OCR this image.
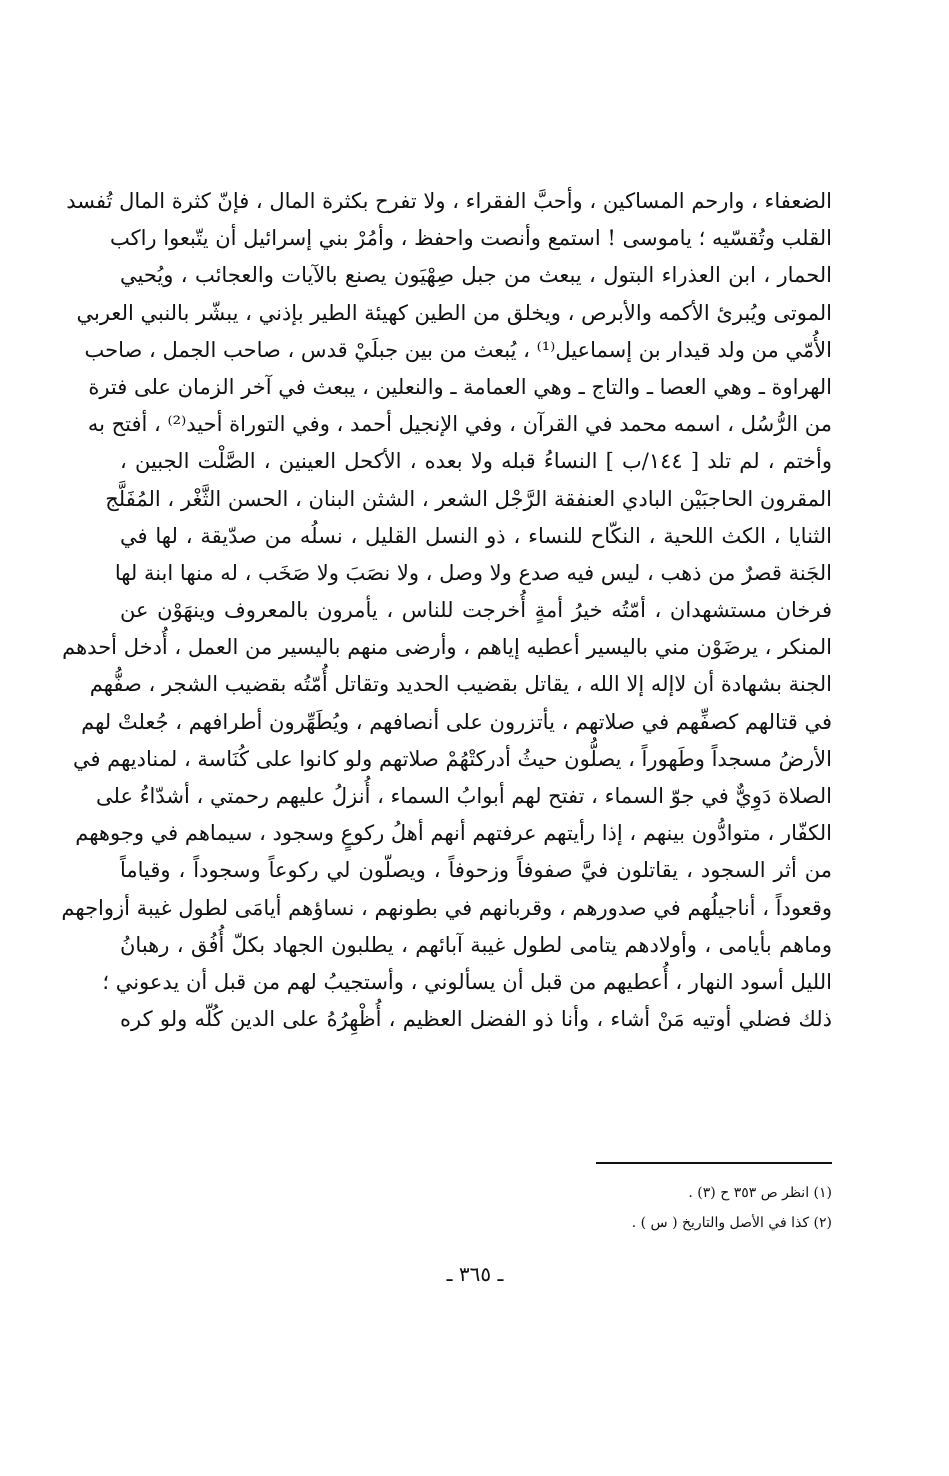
الضعفاء ، وارحم المساكين ، وأحبَّ الفقراء ، ولا تفرح بكثرة المال ، فإنّ كثرة المال تُفسد
القلب وتُقسّيه ؛ ياموسى ! استمع وأنصت واحفظ ، وأمُرْ بني إسرائيل أن يتّبعوا راكب
الحمار ، ابن العذراء البتول ، يبعث من جبل صِهْيَون يصنع بالآيات والعجائب ، ويُحيي
الموتى ويُبرئ الأكمه والأبرص ، ويخلق من الطين كهيئة الطير بإذني ، يبشّر بالنبي العربي
الأُمّي من ولد قيدار بن إسماعيل⁽¹⁾ ، يُبعث من بين جبلَيْ قدس ، صاحب الجمل ، صاحب
الهراوة ـ وهي العصا ـ والتاج ـ وهي العمامة ـ والنعلين ، يبعث في آخر الزمان على فترة
من الرُّسُل ، اسمه محمد في القرآن ، وفي الإنجيل أحمد ، وفي التوراة أحيد⁽²⁾ ، أفتح به
وأختم ، لم تلد [ ١٤٤/ب ] النساءُ قبله ولا بعده ، الأكحل العينين ، الصَّلْت الجبين ،
المقرون الحاجبَيْن البادي العنفقة الرَّجْل الشعر ، الشثن البنان ، الحسن الثَّغْر ، المُفَلَّج
الثنايا ، الكث اللحية ، النكّاح للنساء ، ذو النسل القليل ، نسلُه من صدّيقة ، لها في
الجَنة قصرٌ من ذهب ، ليس فيه صدع ولا وصل ، ولا نصَبَ ولا صَخَب ، له منها ابنة لها
فرخان مستشهدان ، أمّتُه خيرُ أمةٍ أُخرجت للناس ، يأمرون بالمعروف وينهَوْن عن
المنكر ، يرضَوْن مني باليسير أعطيه إياهم ، وأرضى منهم باليسير من العمل ، أُدخل أحدهم
الجنة بشهادة أن لاإله إلا الله ، يقاتل بقضيب الحديد وتقاتل أُمّتُه بقضيب الشجر ، صفُّهم
في قتالهم كصفِّهم في صلاتهم ، يأتزرون على أنصافهم ، ويُطَهِّرون أطرافهم ، جُعلتْ لهم
الأرضُ مسجداً وطَهوراً ، يصلُّون حيثُ أدركتْهُمْ صلاتهم ولو كانوا على كُنَاسة ، لمناديهم في
الصلاة دَوِيٌّ في جوّ السماء ، تفتح لهم أبوابُ السماء ، أُنزلُ عليهم رحمتي ، أشدّاءُ على
الكفّار ، متوادُّون بينهم ، إذا رأيتهم عرفتهم أنهم أهلُ ركوعٍ وسجود ، سيماهم في وجوههم
من أثر السجود ، يقاتلون فيَّ صفوفاً وزحوفاً ، ويصلّون لي ركوعاً وسجوداً ، وقياماً
وقعوداً ، أناجيلُهم في صدورهم ، وقربانهم في بطونهم ، نساؤهم أيامَى لطول غيبة أزواجهم
وماهم بأيامى ، وأولادهم يتامى لطول غيبة آبائهم ، يطلبون الجهاد بكلّ أُفُق ، رهبانُ
الليل أسود النهار ، أُعطيهم من قبل أن يسألوني ، وأستجيبُ لهم من قبل أن يدعوني ؛
ذلك فضلي أوتيه مَنْ أشاء ، وأنا ذو الفضل العظيم ، أُظْهِرُهُ على الدين كُلّه ولو كره
(١) انظر ص ٣٥٣ ح (٣) .
(٢) كذا في الأصل والتاريخ ( س ) .
ـ ٣٦٥ ـ
